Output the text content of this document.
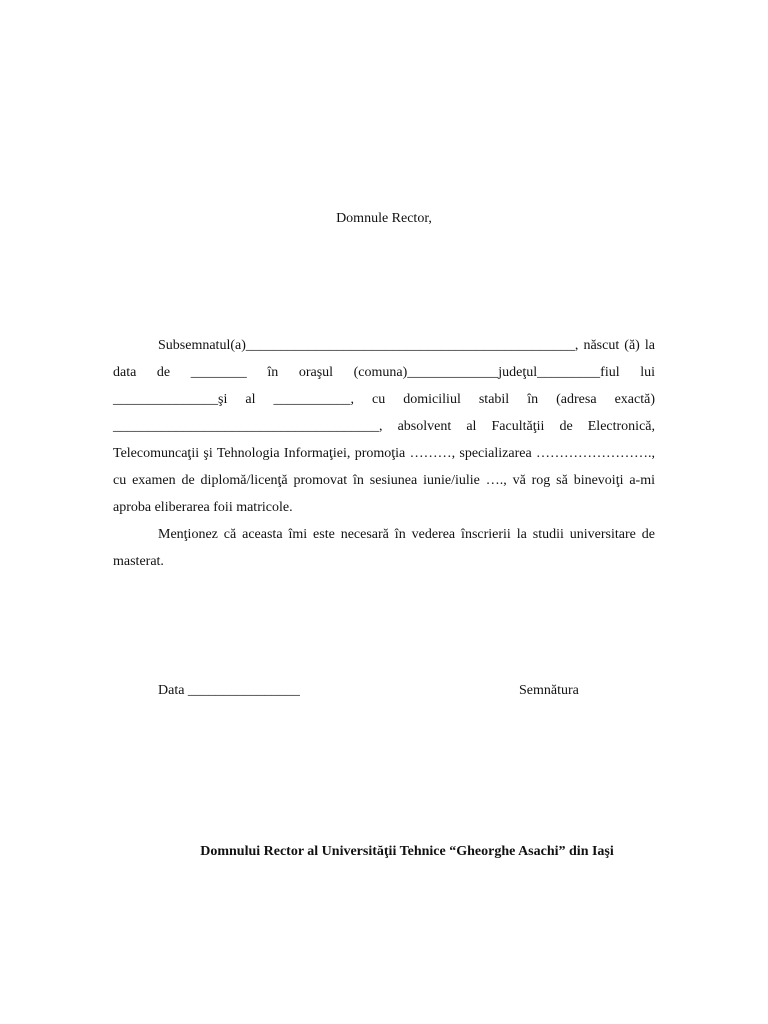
Domnule Rector,

Subsemnatul(a)_______________________________________________, născut (ă) la data de ________ în oraşul (comuna)_____________judeţul_________fiul lui _______________şi al ___________, cu domiciliul stabil în (adresa exactă) ______________________________________, absolvent al Facultăţii de Electronică, Telecomuncaţii şi Tehnologia Informaţiei, promoţia ………, specializarea ……………………., cu examen de diplomă/licenţă promovat în sesiunea iunie/iulie …., vă rog să binevoiţi a-mi aproba eliberarea foii matricole.

Menţionez că aceasta îmi este necesară în vederea înscrierii la studii universitare de masterat.

Data ________________	Semnătura
Domnului Rector al Universităţii Tehnice “Gheorghe Asachi” din Iaşi
